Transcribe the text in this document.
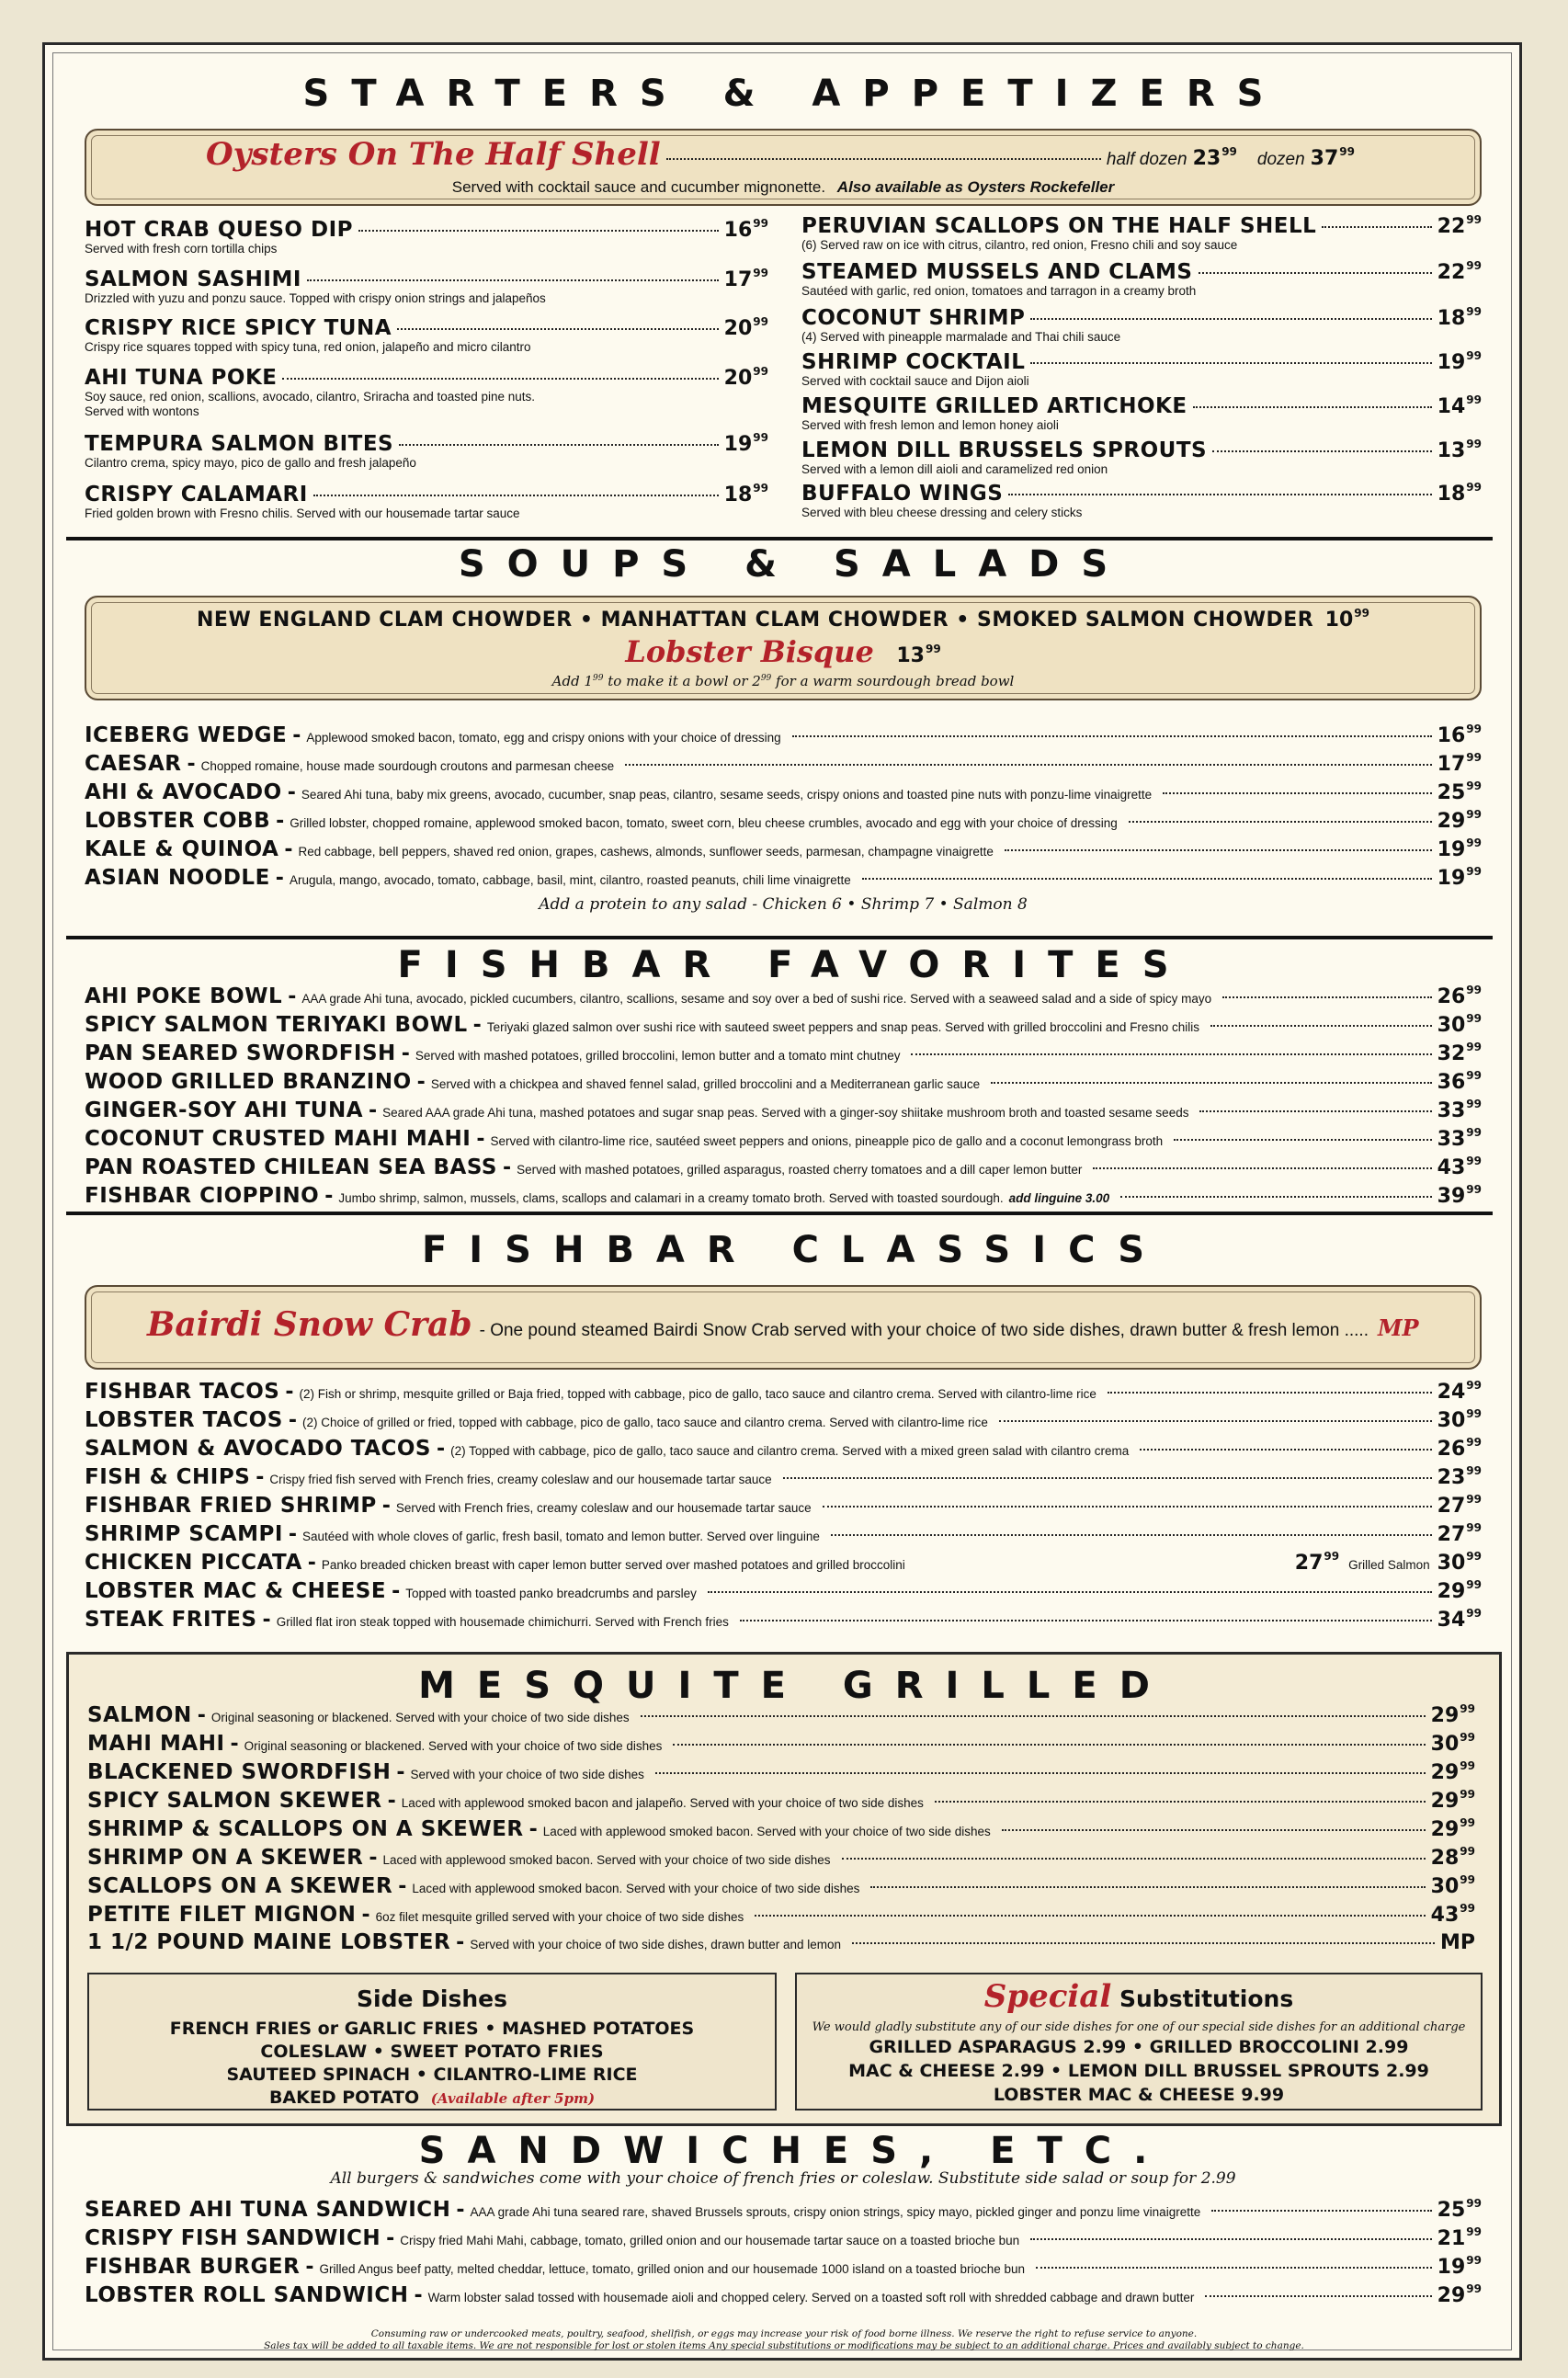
STARTERS & APPETIZERS
Oysters On The Half Shell	half dozen $23^{99}$ dozen $37^{99}$
Served with cocktail sauce and cucumber mignonette. Also available as Oysters Rockefeller
HOT CRAB QUESO DIP	$16^{99}$
Served with fresh corn tortilla chips
SALMON SASHIMI	$17^{99}$
Drizzled with yuzu and ponzu sauce. Topped with crispy onion strings and jalapeños
CRISPY RICE SPICY TUNA	$20^{99}$
Crispy rice squares topped with spicy tuna, red onion, jalapeño and micro cilantro
AHI TUNA POKE	$20^{99}$
Soy sauce, red onion, scallions, avocado, cilantro, Sriracha and toasted pine nuts.
Served with wontons
TEMPURA SALMON BITES	$19^{99}$
Cilantro crema, spicy mayo, pico de gallo and fresh jalapeño
CRISPY CALAMARI	$18^{99}$
Fried golden brown with Fresno chilis. Served with our housemade tartar sauce
PERUVIAN SCALLOPS ON THE HALF SHELL	$22^{99}$
(6) Served raw on ice with citrus, cilantro, red onion, Fresno chili and soy sauce
STEAMED MUSSELS AND CLAMS	$22^{99}$
Sautéed with garlic, red onion, tomatoes and tarragon in a creamy broth
COCONUT SHRIMP	$18^{99}$
(4) Served with pineapple marmalade and Thai chili sauce
SHRIMP COCKTAIL	$19^{99}$
Served with cocktail sauce and Dijon aioli
MESQUITE GRILLED ARTICHOKE	$14^{99}$
Served with fresh lemon and lemon honey aioli
LEMON DILL BRUSSELS SPROUTS	$13^{99}$
Served with a lemon dill aioli and caramelized red onion
BUFFALO WINGS	$18^{99}$
Served with bleu cheese dressing and celery sticks
SOUPS & SALADS
NEW ENGLAND CLAM CHOWDER • MANHATTAN CLAM CHOWDER • SMOKED SALMON CHOWDER $10^{99}$
Lobster Bisque $13^{99}$
Add $1^{99}$ to make it a bowl or $2^{99}$ for a warm sourdough bread bowl
ICEBERG WEDGE - Applewood smoked bacon, tomato, egg and crispy onions with your choice of dressing	$16^{99}$
CAESAR - Chopped romaine, house made sourdough croutons and parmesan cheese	$17^{99}$
AHI & AVOCADO - Seared Ahi tuna, baby mix greens, avocado, cucumber, snap peas, cilantro, sesame seeds, crispy onions and toasted pine nuts with ponzu-lime vinaigrette	$25^{99}$
LOBSTER COBB - Grilled lobster, chopped romaine, applewood smoked bacon, tomato, sweet corn, bleu cheese crumbles, avocado and egg with your choice of dressing	$29^{99}$
KALE & QUINOA - Red cabbage, bell peppers, shaved red onion, grapes, cashews, almonds, sunflower seeds, parmesan, champagne vinaigrette	$19^{99}$
ASIAN NOODLE - Arugula, mango, avocado, tomato, cabbage, basil, mint, cilantro, roasted peanuts, chili lime vinaigrette	$19^{99}$
Add a protein to any salad - Chicken 6 • Shrimp 7 • Salmon 8
FISHBAR FAVORITES
AHI POKE BOWL - AAA grade Ahi tuna, avocado, pickled cucumbers, cilantro, scallions, sesame and soy over a bed of sushi rice. Served with a seaweed salad and a side of spicy mayo	$26^{99}$
SPICY SALMON TERIYAKI BOWL - Teriyaki glazed salmon over sushi rice with sauteed sweet peppers and snap peas. Served with grilled broccolini and Fresno chilis	$30^{99}$
PAN SEARED SWORDFISH - Served with mashed potatoes, grilled broccolini, lemon butter and a tomato mint chutney	$32^{99}$
WOOD GRILLED BRANZINO - Served with a chickpea and shaved fennel salad, grilled broccolini and a Mediterranean garlic sauce	$36^{99}$
GINGER-SOY AHI TUNA - Seared AAA grade Ahi tuna, mashed potatoes and sugar snap peas. Served with a ginger-soy shiitake mushroom broth and toasted sesame seeds	$33^{99}$
COCONUT CRUSTED MAHI MAHI - Served with cilantro-lime rice, sautéed sweet peppers and onions, pineapple pico de gallo and a coconut lemongrass broth	$33^{99}$
PAN ROASTED CHILEAN SEA BASS - Served with mashed potatoes, grilled asparagus, roasted cherry tomatoes and a dill caper lemon butter	$43^{99}$
FISHBAR CIOPPINO - Jumbo shrimp, salmon, mussels, clams, scallops and calamari in a creamy tomato broth. Served with toasted sourdough. add linguine 3.00	$39^{99}$
FISHBAR CLASSICS
Bairdi Snow Crab - One pound steamed Bairdi Snow Crab served with your choice of two side dishes, drawn butter & fresh lemon ..... MP
FISHBAR TACOS - (2) Fish or shrimp, mesquite grilled or Baja fried, topped with cabbage, pico de gallo, taco sauce and cilantro crema. Served with cilantro-lime rice	$24^{99}$
LOBSTER TACOS - (2) Choice of grilled or fried, topped with cabbage, pico de gallo, taco sauce and cilantro crema. Served with cilantro-lime rice	$30^{99}$
SALMON & AVOCADO TACOS - (2) Topped with cabbage, pico de gallo, taco sauce and cilantro crema. Served with a mixed green salad with cilantro crema	$26^{99}$
FISH & CHIPS - Crispy fried fish served with French fries, creamy coleslaw and our housemade tartar sauce	$23^{99}$
FISHBAR FRIED SHRIMP - Served with French fries, creamy coleslaw and our housemade tartar sauce	$27^{99}$
SHRIMP SCAMPI - Sautéed with whole cloves of garlic, fresh basil, tomato and lemon butter. Served over linguine	$27^{99}$
CHICKEN PICCATA - Panko breaded chicken breast with caper lemon butter served over mashed potatoes and grilled broccolini	$27^{99}$
Grilled Salmon $30^{99}$
LOBSTER MAC & CHEESE - Topped with toasted panko breadcrumbs and parsley	$29^{99}$
STEAK FRITES - Grilled flat iron steak topped with housemade chimichurri. Served with French fries	$34^{99}$
MESQUITE GRILLED
SALMON - Original seasoning or blackened. Served with your choice of two side dishes	$29^{99}$
MAHI MAHI - Original seasoning or blackened. Served with your choice of two side dishes	$30^{99}$
BLACKENED SWORDFISH - Served with your choice of two side dishes	$29^{99}$
SPICY SALMON SKEWER - Laced with applewood smoked bacon and jalapeño. Served with your choice of two side dishes	$29^{99}$
SHRIMP & SCALLOPS ON A SKEWER - Laced with applewood smoked bacon. Served with your choice of two side dishes	$29^{99}$
SHRIMP ON A SKEWER - Laced with applewood smoked bacon. Served with your choice of two side dishes	$28^{99}$
SCALLOPS ON A SKEWER - Laced with applewood smoked bacon. Served with your choice of two side dishes	$30^{99}$
PETITE FILET MIGNON - 6oz filet mesquite grilled served with your choice of two side dishes	$43^{99}$
1 1/2 POUND MAINE LOBSTER - Served with your choice of two side dishes, drawn butter and lemon	MP
Side Dishes
FRENCH FRIES or GARLIC FRIES • MASHED POTATOES
COLESLAW • SWEET POTATO FRIES
SAUTEED SPINACH • CILANTRO-LIME RICE
BAKED POTATO (Available after 5pm)
Special Substitutions
We would gladly substitute any of our side dishes for one of our special side dishes for an additional charge
GRILLED ASPARAGUS 2.99 • GRILLED BROCCOLINI 2.99
MAC & CHEESE 2.99 • LEMON DILL BRUSSEL SPROUTS 2.99
LOBSTER MAC & CHEESE 9.99
SANDWICHES, ETC.
All burgers & sandwiches come with your choice of french fries or coleslaw. Substitute side salad or soup for 2.99
SEARED AHI TUNA SANDWICH - AAA grade Ahi tuna seared rare, shaved Brussels sprouts, crispy onion strings, spicy mayo, pickled ginger and ponzu lime vinaigrette	$25^{99}$
CRISPY FISH SANDWICH - Crispy fried Mahi Mahi, cabbage, tomato, grilled onion and our housemade tartar sauce on a toasted brioche bun	$21^{99}$
FISHBAR BURGER - Grilled Angus beef patty, melted cheddar, lettuce, tomato, grilled onion and our housemade 1000 island on a toasted brioche bun	$19^{99}$
LOBSTER ROLL SANDWICH - Warm lobster salad tossed with housemade aioli and chopped celery. Served on a toasted soft roll with shredded cabbage and drawn butter	$29^{99}$
Consuming raw or undercooked meats, poultry, seafood, shellfish, or eggs may increase your risk of food borne illness. We reserve the right to refuse service to anyone.
Sales tax will be added to all taxable items. We are not responsible for lost or stolen items Any special substitutions or modifications may be subject to an additional charge. Prices and availably subject to change.
